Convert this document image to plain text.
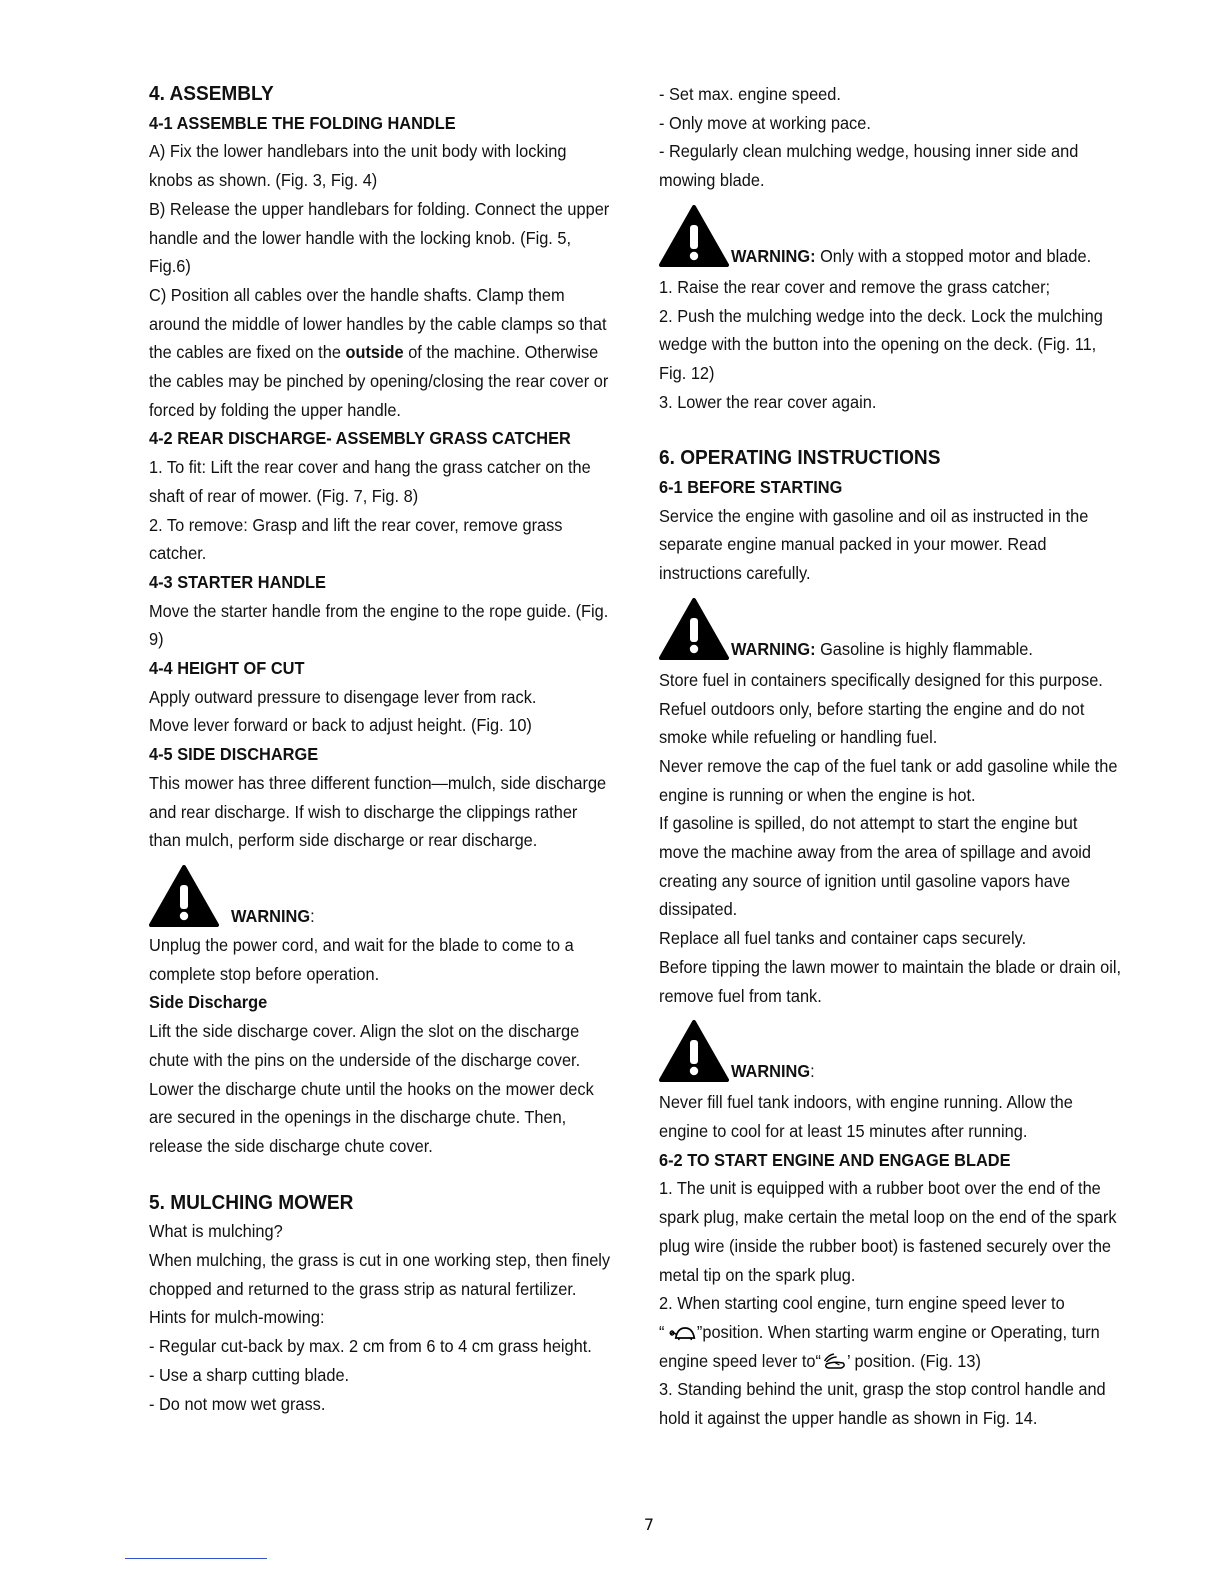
4. ASSEMBLY
4-1 ASSEMBLE THE FOLDING HANDLE
A) Fix the lower handlebars into the unit body with locking
knobs as shown. (Fig. 3, Fig. 4)
B) Release the upper handlebars for folding. Connect the upper
handle and the lower handle with the locking knob. (Fig. 5,
Fig.6)
C) Position all cables over the handle shafts. Clamp them
around the middle of lower handles by the cable clamps so that
the cables are fixed on the outside of the machine. Otherwise
the cables may be pinched by opening/closing the rear cover or
forced by folding the upper handle.
4-2 REAR DISCHARGE- ASSEMBLY GRASS CATCHER
1. To fit: Lift the rear cover and hang the grass catcher on the
shaft of rear of mower. (Fig. 7, Fig. 8)
2. To remove: Grasp and lift the rear cover, remove grass
catcher.
4-3 STARTER HANDLE
Move the starter handle from the engine to the rope guide. (Fig.
9)
4-4 HEIGHT OF CUT
Apply outward pressure to disengage lever from rack.
Move lever forward or back to adjust height. (Fig. 10)
4-5 SIDE DISCHARGE
This mower has three different function—mulch, side discharge
and rear discharge. If wish to discharge the clippings rather
than mulch, perform side discharge or rear discharge.
WARNING:
Unplug the power cord, and wait for the blade to come to a
complete stop before operation.
Side Discharge
Lift the side discharge cover. Align the slot on the discharge
chute with the pins on the underside of the discharge cover.
Lower the discharge chute until the hooks on the mower deck
are secured in the openings in the discharge chute. Then,
release the side discharge chute cover.
5. MULCHING MOWER
What is mulching?
When mulching, the grass is cut in one working step, then finely
chopped and returned to the grass strip as natural fertilizer.
Hints for mulch-mowing:
- Regular cut-back by max. 2 cm from 6 to 4 cm grass height.
- Use a sharp cutting blade.
- Do not mow wet grass.
- Set max. engine speed.
- Only move at working pace.
- Regularly clean mulching wedge, housing inner side and
mowing blade.
WARNING: Only with a stopped motor and blade.
1. Raise the rear cover and remove the grass catcher;
2. Push the mulching wedge into the deck. Lock the mulching
wedge with the button into the opening on the deck. (Fig. 11,
Fig. 12)
3. Lower the rear cover again.
6. OPERATING INSTRUCTIONS
6-1 BEFORE STARTING
Service the engine with gasoline and oil as instructed in the
separate engine manual packed in your mower. Read
instructions carefully.
WARNING: Gasoline is highly flammable.
Store fuel in containers specifically designed for this purpose.
Refuel outdoors only, before starting the engine and do not
smoke while refueling or handling fuel.
Never remove the cap of the fuel tank or add gasoline while the
engine is running or when the engine is hot.
If gasoline is spilled, do not attempt to start the engine but
move the machine away from the area of spillage and avoid
creating any source of ignition until gasoline vapors have
dissipated.
Replace all fuel tanks and container caps securely.
Before tipping the lawn mower to maintain the blade or drain oil,
remove fuel from tank.
WARNING:
Never fill fuel tank indoors, with engine running. Allow the
engine to cool for at least 15 minutes after running.
6-2 TO START ENGINE AND ENGAGE BLADE
1. The unit is equipped with a rubber boot over the end of the
spark plug, make certain the metal loop on the end of the spark
plug wire (inside the rubber boot) is fastened securely over the
metal tip on the spark plug.
2. When starting cool engine, turn engine speed lever to
“ ”position. When starting warm engine or Operating, turn
engine speed lever to“ ’ position. (Fig. 13)
3. Standing behind the unit, grasp the stop control handle and
hold it against the upper handle as shown in Fig. 14.
7
